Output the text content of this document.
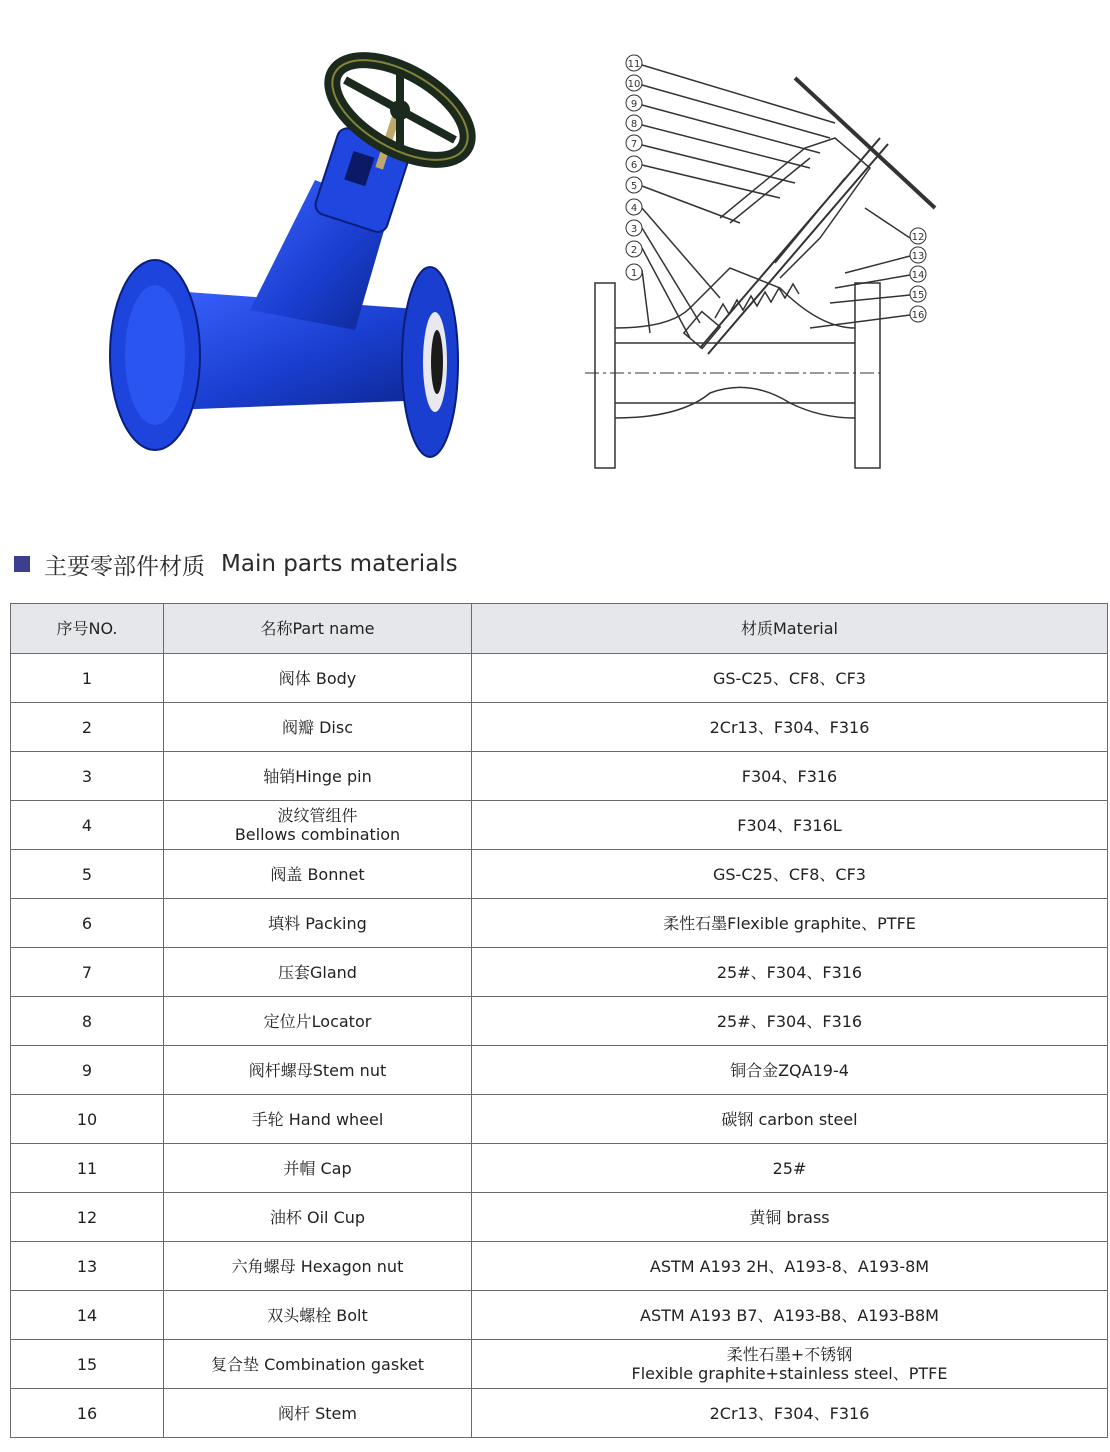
11
10
9
8
7
6
5
4
3
2
1
12
13
14
15
16
主要零部件材质 Main parts materials
序号NO.	名称Part name	材质Material

1	阀体 Body	GS-C25、CF8、CF3

2	阀瓣 Disc	2Cr13、F304、F316

3	轴销Hinge pin	F304、F316

4	波纹管组件
Bellows combination	F304、F316L

5	阀盖 Bonnet	GS-C25、CF8、CF3

6	填料 Packing	柔性石墨Flexible graphite、PTFE

7	压套Gland	25#、F304、F316

8	定位片Locator	25#、F304、F316

9	阀杆螺母Stem nut	铜合金ZQA19-4

10	手轮 Hand wheel	碳钢 carbon steel

11	并帽 Cap	25#

12	油杯 Oil Cup	黄铜 brass

13	六角螺母 Hexagon nut	ASTM A193 2H、A193-8、A193-8M

14	双头螺栓 Bolt	ASTM A193 B7、A193-B8、A193-B8M

15	复合垫 Combination gasket	柔性石墨+不锈钢
Flexible graphite+stainless steel、PTFE

16	阀杆 Stem	2Cr13、F304、F316
